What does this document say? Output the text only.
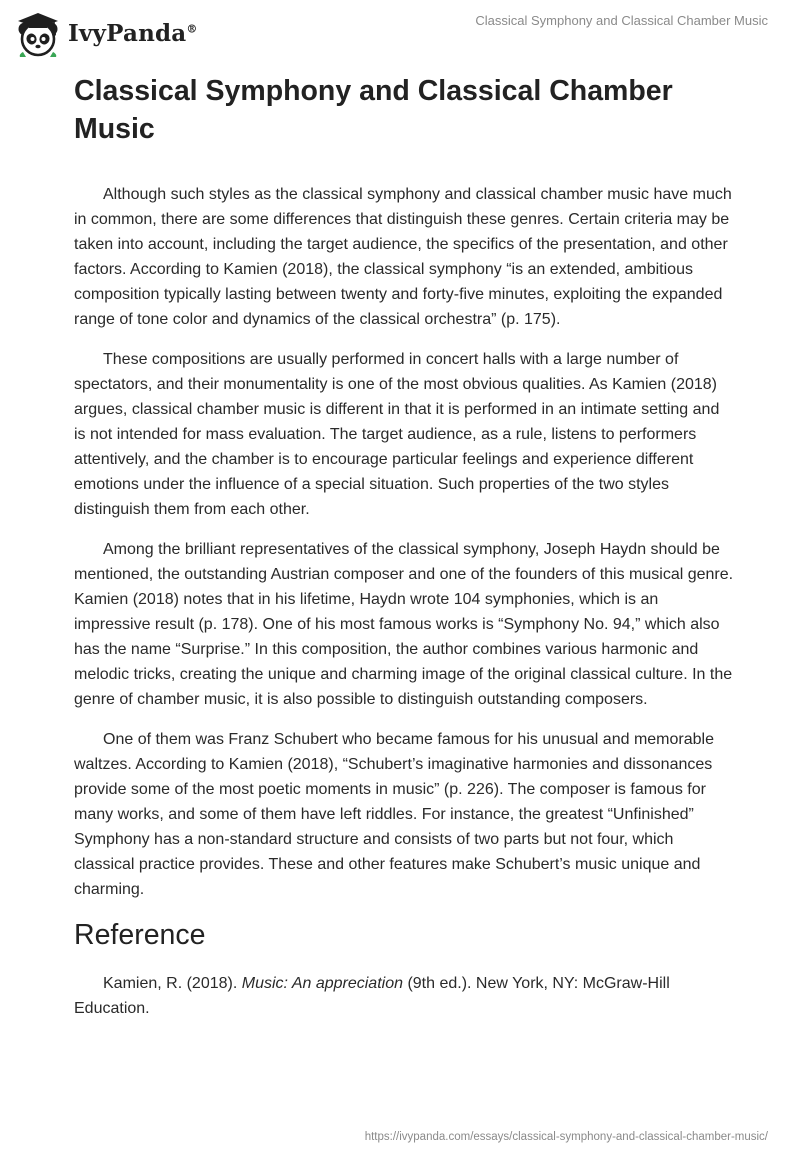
IvyPanda®
Classical Symphony and Classical Chamber Music
Classical Symphony and Classical Chamber Music

Although such styles as the classical symphony and classical chamber music have much in common, there are some differences that distinguish these genres. Certain criteria may be taken into account, including the target audience, the specifics of the presentation, and other factors. According to Kamien (2018), the classical symphony “is an extended, ambitious composition typically lasting between twenty and forty-five minutes, exploiting the expanded range of tone color and dynamics of the classical orchestra” (p. 175).

These compositions are usually performed in concert halls with a large number of spectators, and their monumentality is one of the most obvious qualities. As Kamien (2018) argues, classical chamber music is different in that it is performed in an intimate setting and is not intended for mass evaluation. The target audience, as a rule, listens to performers attentively, and the chamber is to encourage particular feelings and experience different emotions under the influence of a special situation. Such properties of the two styles distinguish them from each other.

Among the brilliant representatives of the classical symphony, Joseph Haydn should be mentioned, the outstanding Austrian composer and one of the founders of this musical genre. Kamien (2018) notes that in his lifetime, Haydn wrote 104 symphonies, which is an impressive result (p. 178). One of his most famous works is “Symphony No. 94,” which also has the name “Surprise.” In this composition, the author combines various harmonic and melodic tricks, creating the unique and charming image of the original classical culture. In the genre of chamber music, it is also possible to distinguish outstanding composers.

One of them was Franz Schubert who became famous for his unusual and memorable waltzes. According to Kamien (2018), “Schubert’s imaginative harmonies and dissonances provide some of the most poetic moments in music” (p. 226). The composer is famous for many works, and some of them have left riddles. For instance, the greatest “Unfinished” Symphony has a non-standard structure and consists of two parts but not four, which classical practice provides. These and other features make Schubert’s music unique and charming.

Reference

Kamien, R. (2018). Music: An appreciation (9th ed.). New York, NY: McGraw-Hill Education.

https://ivypanda.com/essays/classical-symphony-and-classical-chamber-music/
